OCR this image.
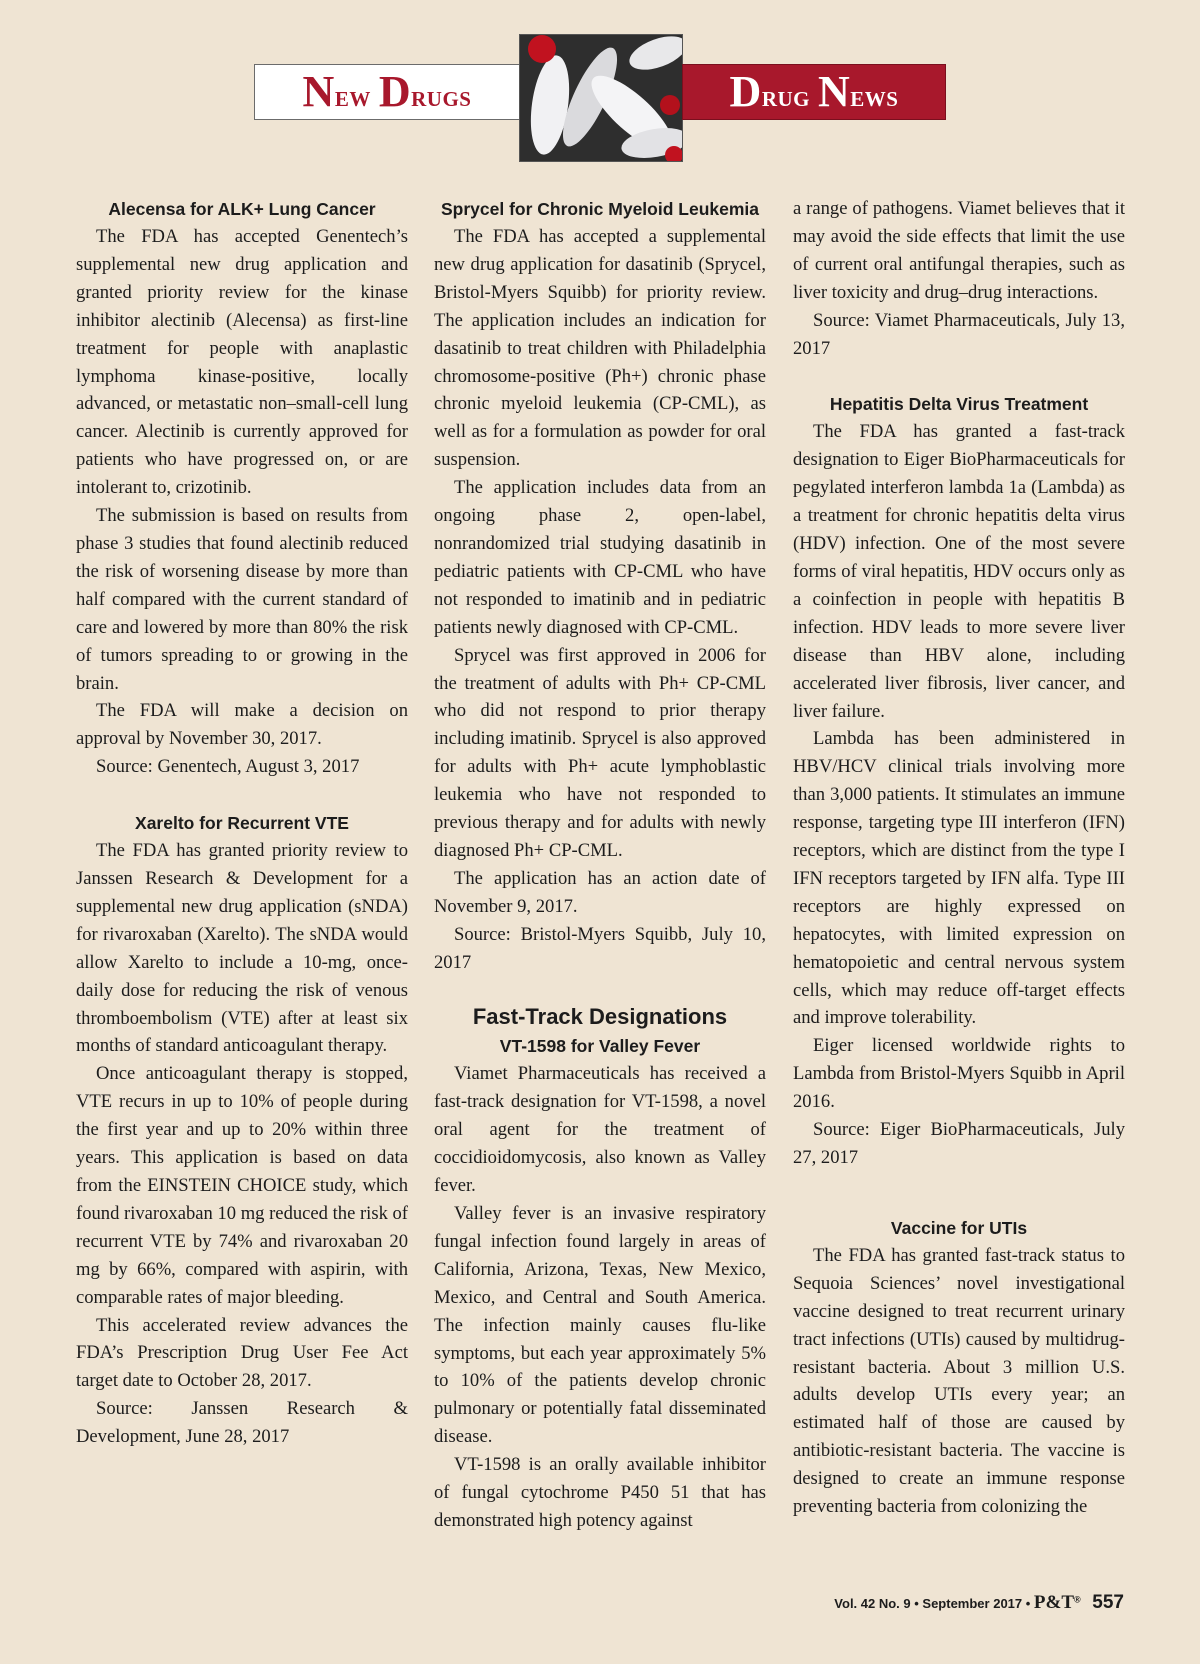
New Drugs	Drug News
Alecensa for ALK+ Lung Cancer

The FDA has accepted Genentech’s supplemental new drug application and granted priority review for the kinase inhibitor alectinib (Alecensa) as first-line treatment for people with anaplastic lymphoma kinase-positive, locally advanced, or metastatic non–small-cell lung cancer. Alectinib is currently approved for patients who have progressed on, or are intolerant to, crizotinib.

The submission is based on results from phase 3 studies that found alectinib reduced the risk of worsening disease by more than half compared with the current standard of care and lowered by more than 80% the risk of tumors spreading to or growing in the brain.

The FDA will make a decision on approval by November 30, 2017.

Source: Genentech, August 3, 2017

Xarelto for Recurrent VTE

The FDA has granted priority review to Janssen Research & Development for a supplemental new drug application (sNDA) for rivaroxaban (Xarelto). The sNDA would allow Xarelto to include a 10-mg, once-daily dose for reducing the risk of venous thromboembolism (VTE) after at least six months of standard anticoagulant therapy.

Once anticoagulant therapy is stopped, VTE recurs in up to 10% of people during the first year and up to 20% within three years. This application is based on data from the EINSTEIN CHOICE study, which found rivaroxaban 10 mg reduced the risk of recurrent VTE by 74% and rivaroxaban 20 mg by 66%, compared with aspirin, with comparable rates of major bleeding.

This accelerated review advances the FDA’s Prescription Drug User Fee Act target date to October 28, 2017.

Source: Janssen Research & Development, June 28, 2017

Sprycel for Chronic Myeloid Leukemia

The FDA has accepted a supplemental new drug application for dasatinib (Sprycel, Bristol-Myers Squibb) for priority review. The application includes an indication for dasatinib to treat children with Philadelphia chromosome-positive (Ph+) chronic phase chronic myeloid leukemia (CP-CML), as well as for a formulation as powder for oral suspension.

The application includes data from an ongoing phase 2, open-label, nonrandomized trial studying dasatinib in pediatric patients with CP-CML who have not responded to imatinib and in pediatric patients newly diagnosed with CP-CML.

Sprycel was first approved in 2006 for the treatment of adults with Ph+ CP-CML who did not respond to prior therapy including imatinib. Sprycel is also approved for adults with Ph+ acute lymphoblastic leukemia who have not responded to previous therapy and for adults with newly diagnosed Ph+ CP-CML.

The application has an action date of November 9, 2017.

Source: Bristol-Myers Squibb, July 10, 2017

Fast-Track Designations
VT-1598 for Valley Fever

Viamet Pharmaceuticals has received a fast-track designation for VT-1598, a novel oral agent for the treatment of coccidioidomycosis, also known as Valley fever.

Valley fever is an invasive respiratory fungal infection found largely in areas of California, Arizona, Texas, New Mexico, Mexico, and Central and South America. The infection mainly causes flu-like symptoms, but each year approximately 5% to 10% of the patients develop chronic pulmonary or potentially fatal disseminated disease.

VT-1598 is an orally available inhibitor of fungal cytochrome P450 51 that has demonstrated high potency against

a range of pathogens. Viamet believes that it may avoid the side effects that limit the use of current oral antifungal therapies, such as liver toxicity and drug–drug interactions.

Source: Viamet Pharmaceuticals, July 13, 2017

Hepatitis Delta Virus Treatment

The FDA has granted a fast-track designation to Eiger BioPharmaceuticals for pegylated interferon lambda 1a (Lambda) as a treatment for chronic hepatitis delta virus (HDV) infection. One of the most severe forms of viral hepatitis, HDV occurs only as a coinfection in people with hepatitis B infection. HDV leads to more severe liver disease than HBV alone, including accelerated liver fibrosis, liver cancer, and liver failure.

Lambda has been administered in HBV/HCV clinical trials involving more than 3,000 patients. It stimulates an immune response, targeting type III interferon (IFN) receptors, which are distinct from the type I IFN receptors targeted by IFN alfa. Type III receptors are highly expressed on hepatocytes, with limited expression on hematopoietic and central nervous system cells, which may reduce off-target effects and improve tolerability.

Eiger licensed worldwide rights to Lambda from Bristol-Myers Squibb in April 2016.

Source: Eiger BioPharmaceuticals, July 27, 2017

Vaccine for UTIs

The FDA has granted fast-track status to Sequoia Sciences’ novel investigational vaccine designed to treat recurrent urinary tract infections (UTIs) caused by multidrug-resistant bacteria. About 3 million U.S. adults develop UTIs every year; an estimated half of those are caused by antibiotic-resistant bacteria. The vaccine is designed to create an immune response preventing bacteria from colonizing the

Vol. 42 No. 9 • September 2017 • P&T® 557
